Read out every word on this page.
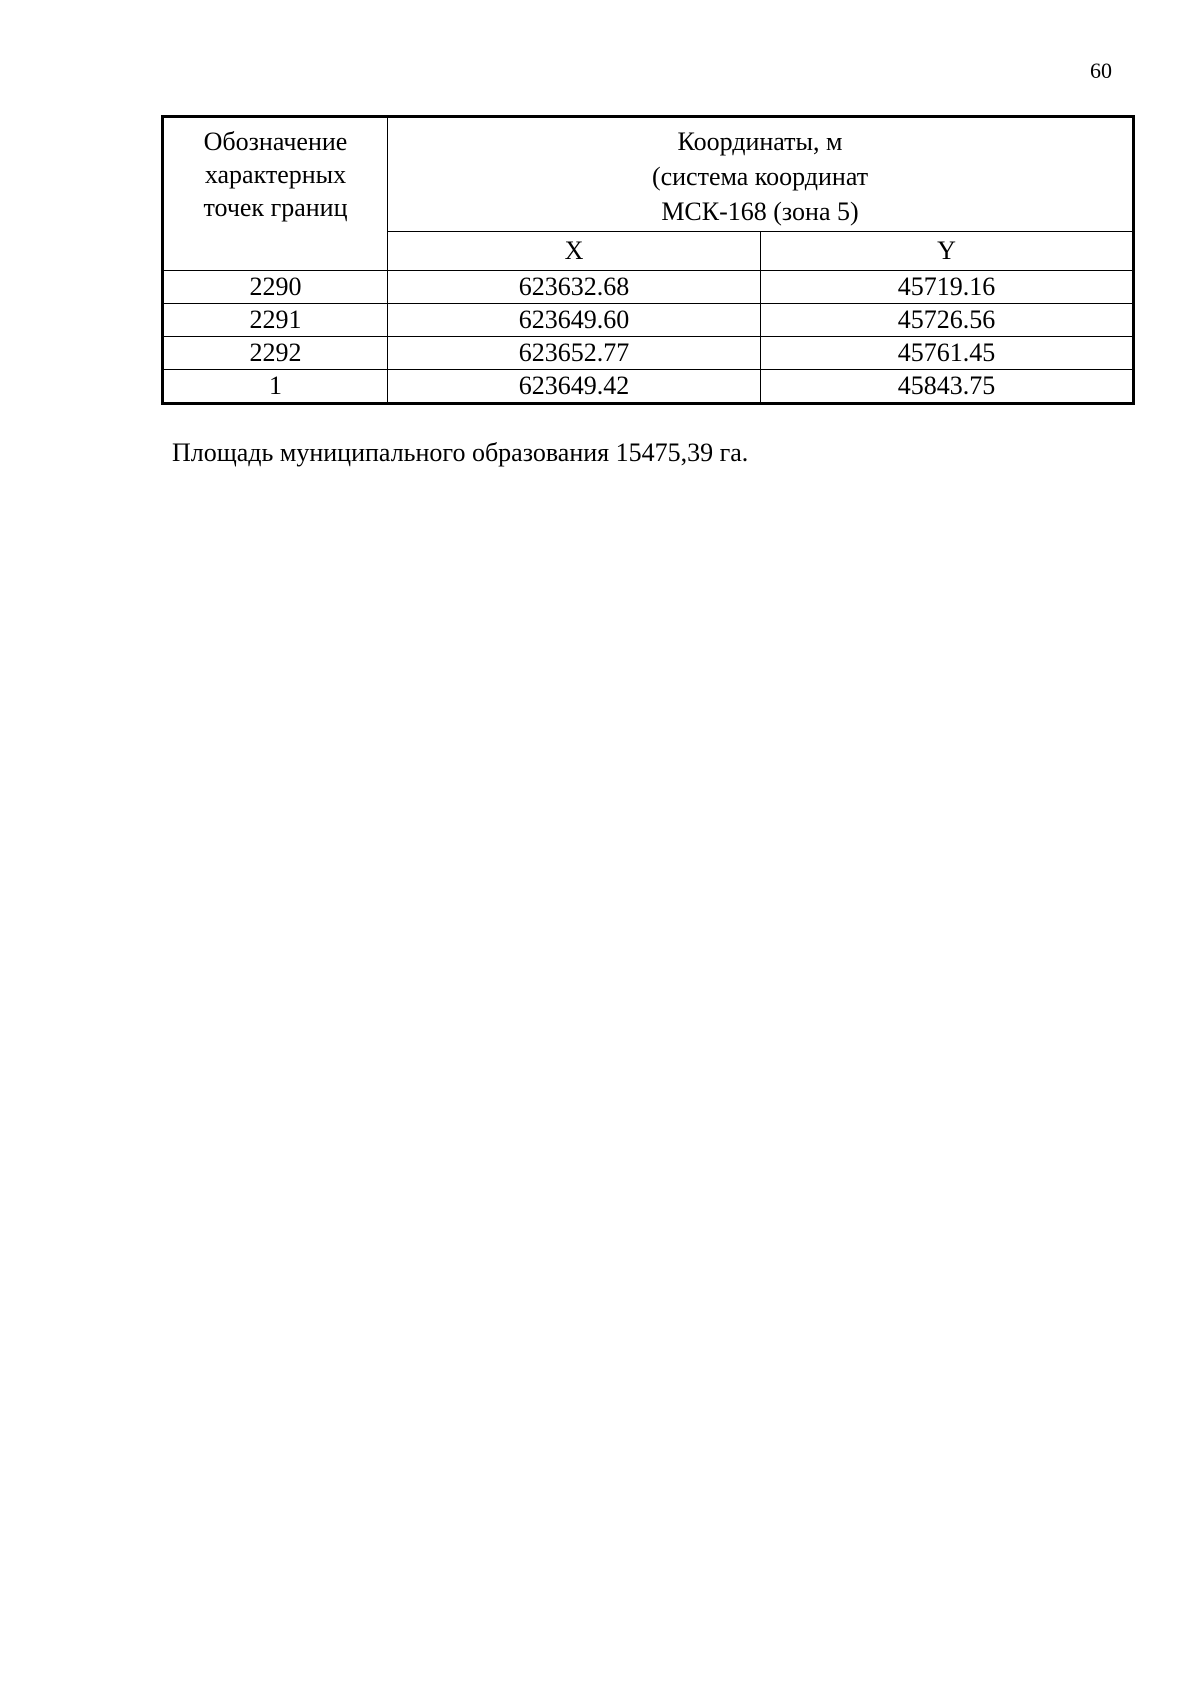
60
Обозначение
характерных
точек границ	Координаты, м
(система координат
МСК-168 (зона 5)	

	X	Y
2290	623632.68	45719.16
2291	623649.60	45726.56
2292	623652.77	45761.45
1	623649.42	45843.75

Площадь муниципального образования 15475,39 га.
